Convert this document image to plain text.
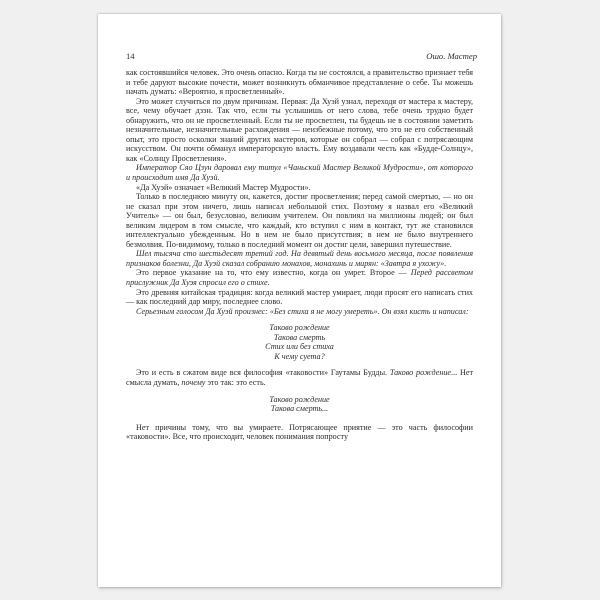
14	Ошо. Мастер

как состоявшийся человек. Это очень опасно. Когда ты не состоялся, а правительство признает тебя и тебе даруют высокие почести, может возникнуть обманчивое представление о себе. Ты можешь начать думать: «Вероятно, я просветленный».

Это может случиться по двум причинам. Первая: Да Хуэй узнал, переходя от мастера к мастеру, все, чему обучает дзэн. Так что, если ты услышишь от него слова, тебе очень трудно будет обнаружить, что он не просветленный. Если ты не просветлен, ты будешь не в состоянии заметить незначительные, незначительные расхождения — неизбежные потому, что это не его собственный опыт, это просто осколки знаний других мастеров, которые он собрал — собрал с потрясающим искусством. Он почти обманул императорскую власть. Ему воздавали честь как «Будде-Солнцу», как «Солнцу Просветления».

Император Сяо Цзун даровал ему титул «Чаньский Мастер Великой Мудрости», от которого и происходит имя Да Хуэй.

«Да Хуэй» означает «Великий Мастер Мудрости».

Только в последнюю минуту он, кажется, достиг просветления; перед самой смертью, — но он не сказал при этом ничего, лишь написал небольшой стих. Поэтому я назвал его «Великий Учитель» — он был, безусловно, великим учителем. Он повлиял на миллионы людей; он был великим лидером в том смысле, что каждый, кто вступил с ним в контакт, тут же становился интеллектуально убежденным. Но в нем не было присутствия; в нем не было внутреннего безмолвия. По-видимому, только в последний момент он достиг цели, завершил путешествие.

Шел тысяча сто шестьдесят третий год. На девятый день восьмого месяца, после появления признаков болезни, Да Хуэй сказал собранию монахов, монахинь и мирян: «Завтра я ухожу».

Это первое указание на то, что ему известно, когда он умрет. Второе — Перед рассветом прислужник Да Хуэя спросил его о стихе.

Это древняя китайская традиция: когда великий мастер умирает, люди просят его написать стих — как последний дар миру, последнее слово.

Серьезным голосом Да Хуэй произнес: «Без стиха я не могу умереть». Он взял кисть и написал:

Таково рождение
Такова смерть
Стих или без стиха
К чему суета?

Это и есть в сжатом виде вся философия «таковости» Гаутамы Будды. Таково рождение... Нет смысла думать, почему это так: это есть.

Таково рождение
Такова смерть...

Нет причины тому, что вы умираете. Потрясающее приятие — это часть философии «таковости». Все, что происходит, человек понимания попросту
